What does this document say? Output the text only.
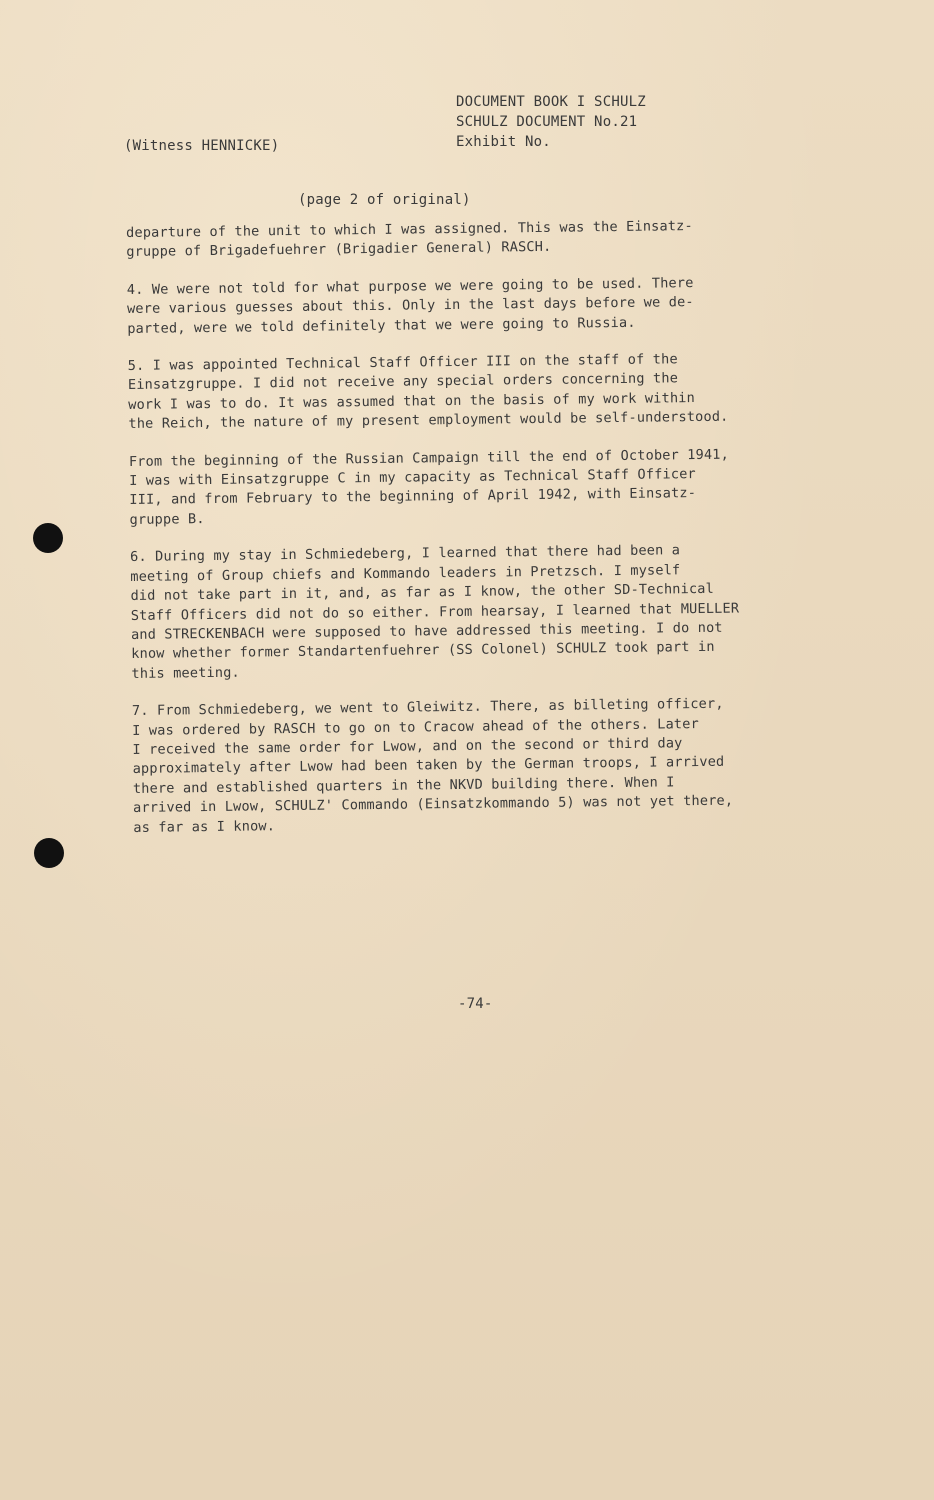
DOCUMENT BOOK I SCHULZ
SCHULZ DOCUMENT No.21
Exhibit No.
(Witness HENNICKE)
(page 2 of original)

departure of the unit to which I was assigned. This was the Einsatz-
gruppe of Brigadefuehrer (Brigadier General) RASCH.

4. We were not told for what purpose we were going to be used. There
were various guesses about this. Only in the last days before we de-
parted, were we told definitely that we were going to Russia.

5. I was appointed Technical Staff Officer III on the staff of the
Einsatzgruppe. I did not receive any special orders concerning the
work I was to do. It was assumed that on the basis of my work within
the Reich, the nature of my present employment would be self-understood.

From the beginning of the Russian Campaign till the end of October 1941,
I was with Einsatzgruppe C in my capacity as Technical Staff Officer
III, and from February to the beginning of April 1942, with Einsatz-
gruppe B.

6. During my stay in Schmiedeberg, I learned that there had been a
meeting of Group chiefs and Kommando leaders in Pretzsch. I myself
did not take part in it, and, as far as I know, the other SD-Technical
Staff Officers did not do so either. From hearsay, I learned that MUELLER
and STRECKENBACH were supposed to have addressed this meeting. I do not
know whether former Standartenfuehrer (SS Colonel) SCHULZ took part in
this meeting.

7. From Schmiedeberg, we went to Gleiwitz. There, as billeting officer,
I was ordered by RASCH to go on to Cracow ahead of the others. Later
I received the same order for Lwow, and on the second or third day
approximately after Lwow had been taken by the German troops, I arrived
there and established quarters in the NKVD building there. When I
arrived in Lwow, SCHULZ' Commando (Einsatzkommando 5) was not yet there,
as far as I know.

-74-
